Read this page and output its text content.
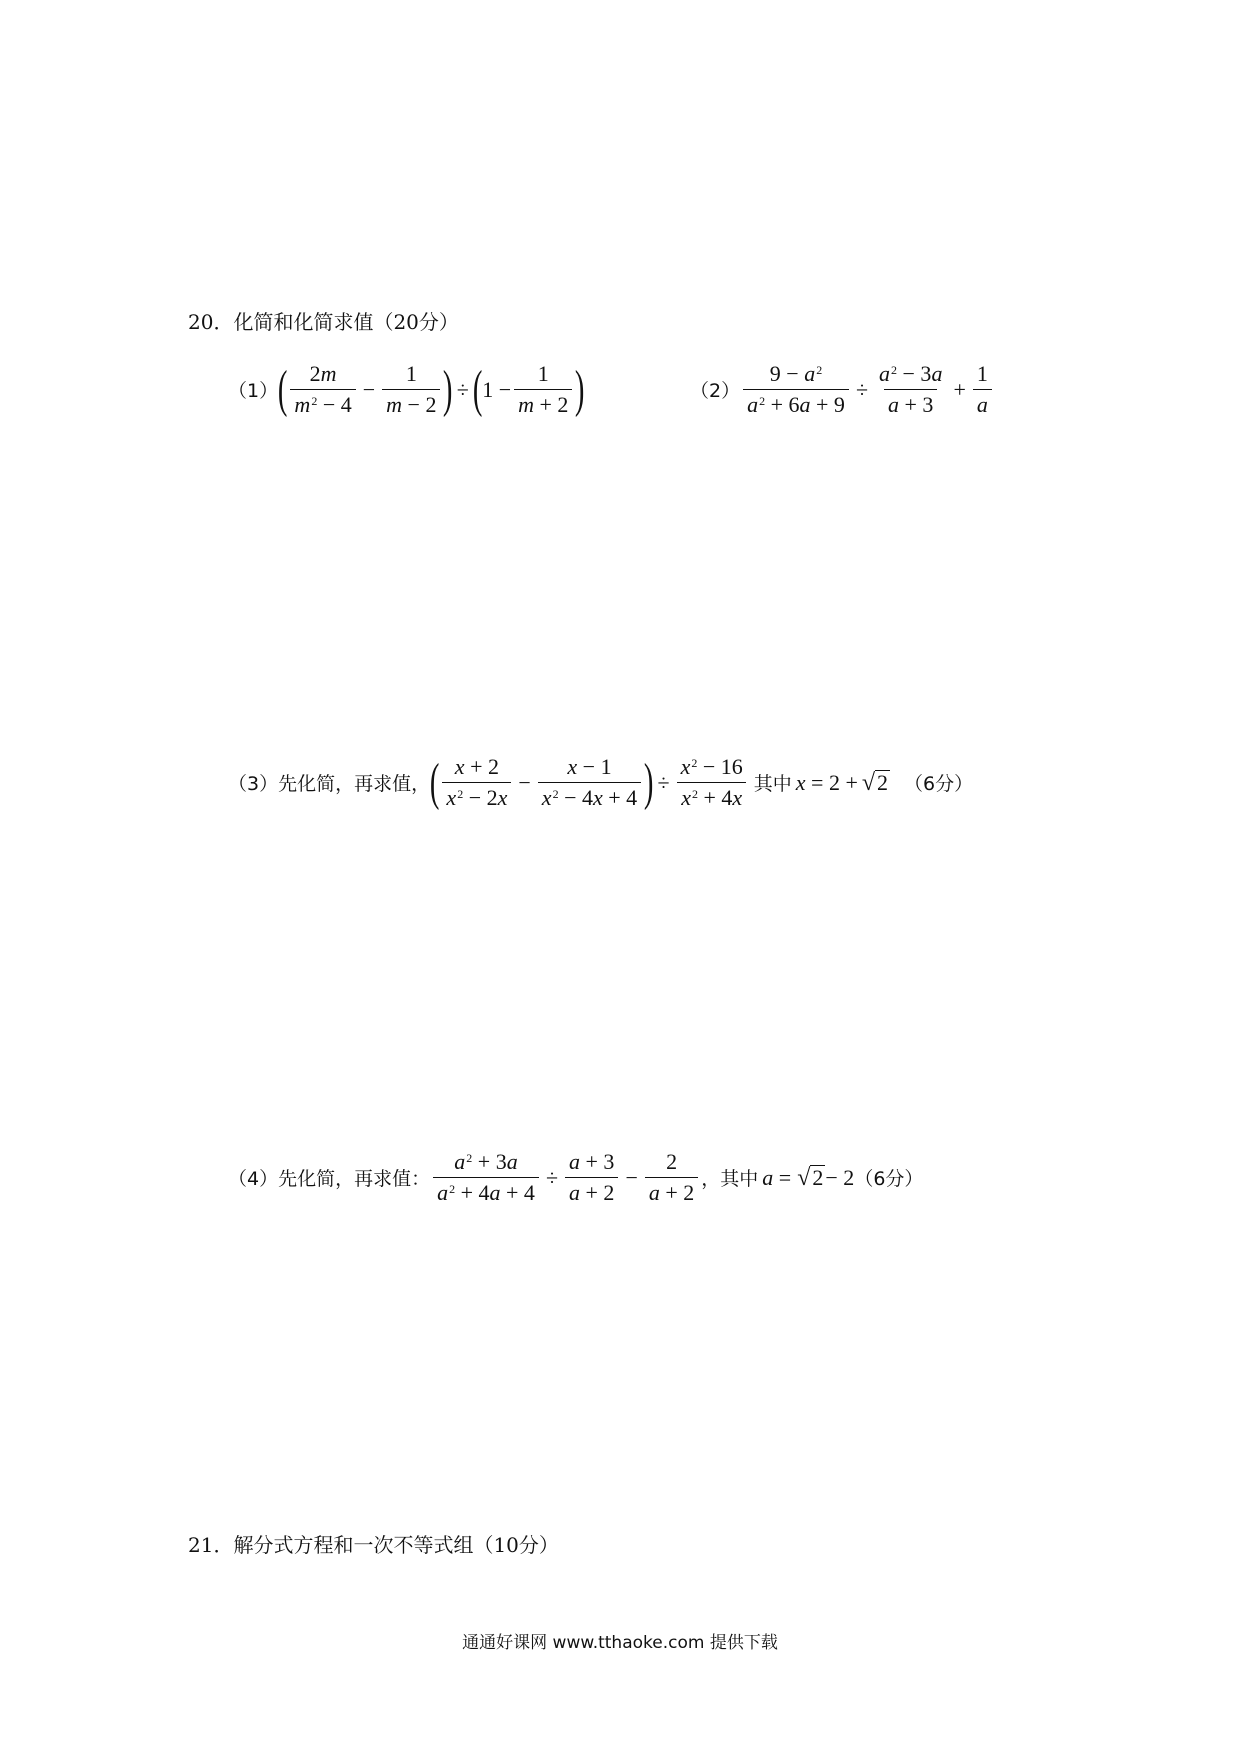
20．化简和化简求值（20分）
（1） ( $\frac{2m}{m^2 - 4} - \frac{1}{m - 2}$ ) ÷ ( $1 - \frac{1}{m + 2}$ )	$(2) \frac{9 - a^2}{a^2 + 6a + 9} \div \frac{a^2 - 3a}{a + 3} + \frac{1}{a}$
（3）先化简，再求值， ( $\frac{x + 2}{x^2 - 2x} - \frac{x - 1}{x^2 - 4x + 4}$ ) ÷ $\frac{x^2 - 16}{x^2 + 4x}$ 其中 x = 2 + √ 2 （6分）
（4）先化简，再求值： $\frac{a^2 + 3a}{a^2 + 4a + 4} \div \frac{a + 3}{a + 2} - \frac{2}{a + 2}$ ，其中 a = √ 2 − 2 （6分）
21．解分式方程和一次不等式组（10分）
通通好课网 www.tthaoke.com 提供下载
